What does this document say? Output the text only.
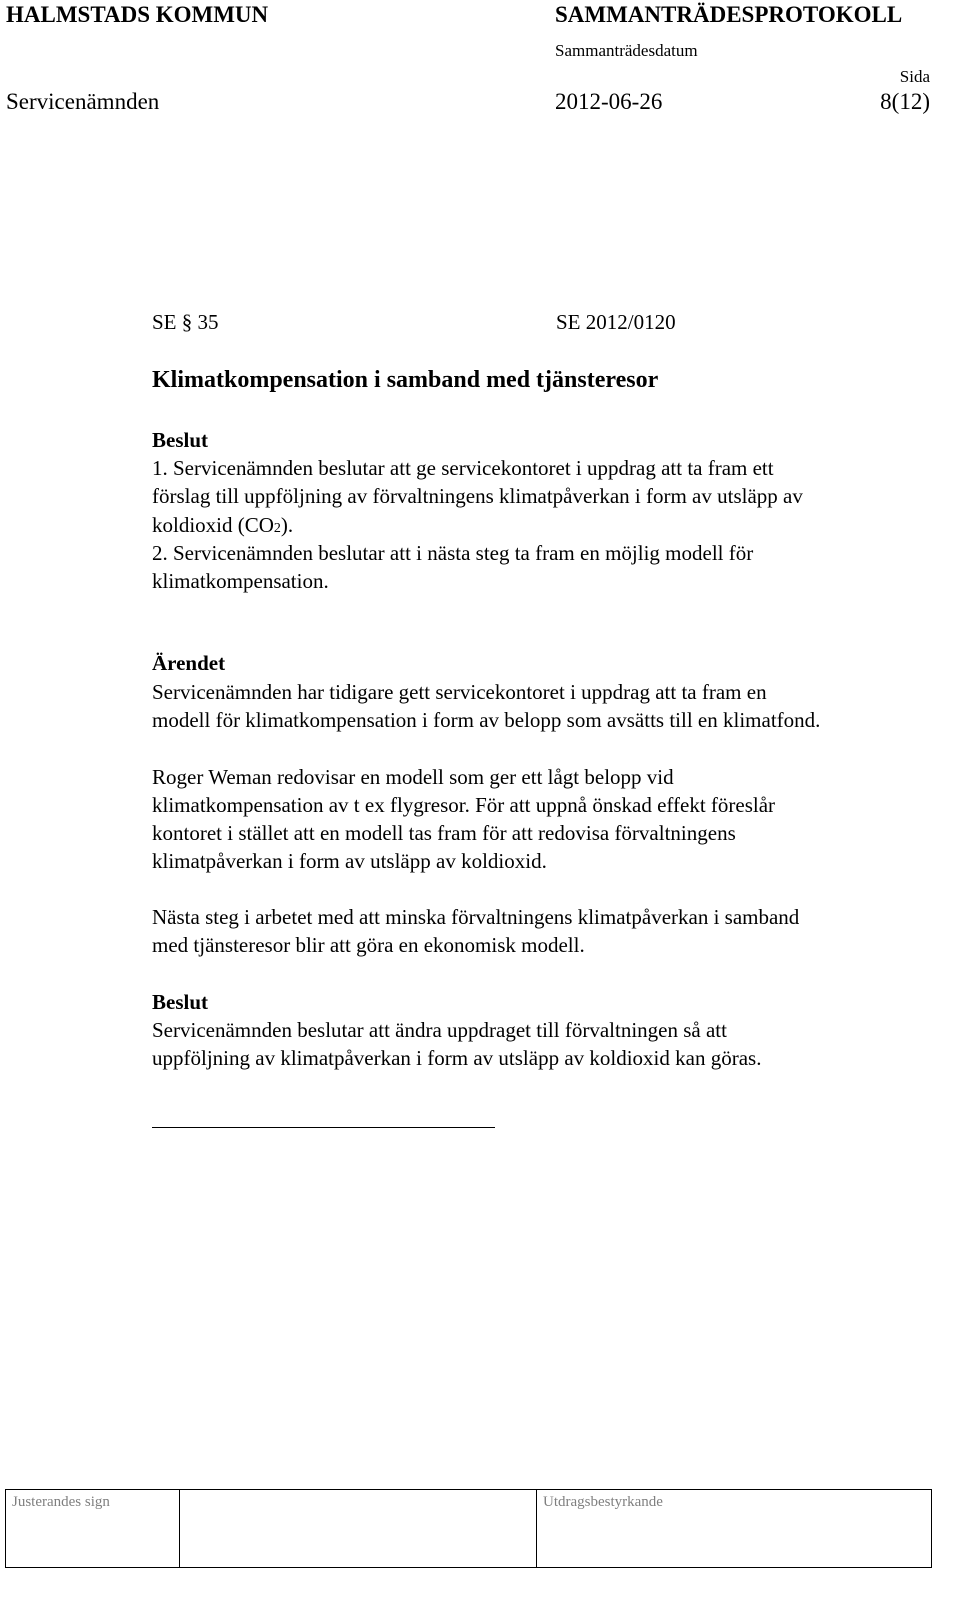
HALMSTADS KOMMUN	SAMMANTRÄDESPROTOKOLL
Sammanträdesdatum
Sida
Servicenämnden	2012-06-26	8(12)
SE § 35	SE 2012/0120
Klimatkompensation i samband med tjänsteresor
Beslut
1. Servicenämnden beslutar att ge servicekontoret i uppdrag att ta fram ett
förslag till uppföljning av förvaltningens klimatpåverkan i form av utsläpp av
koldioxid (CO2).
2. Servicenämnden beslutar att i nästa steg ta fram en möjlig modell för
klimatkompensation.
Ärendet
Servicenämnden har tidigare gett servicekontoret i uppdrag att ta fram en
modell för klimatkompensation i form av belopp som avsätts till en klimatfond.
Roger Weman redovisar en modell som ger ett lågt belopp vid
klimatkompensation av t ex flygresor. För att uppnå önskad effekt föreslår
kontoret i stället att en modell tas fram för att redovisa förvaltningens
klimatpåverkan i form av utsläpp av koldioxid.
Nästa steg i arbetet med att minska förvaltningens klimatpåverkan i samband
med tjänsteresor blir att göra en ekonomisk modell.
Beslut
Servicenämnden beslutar att ändra uppdraget till förvaltningen så att
uppföljning av klimatpåverkan i form av utsläpp av koldioxid kan göras.
Justerandes sign	Utdragsbestyrkande
